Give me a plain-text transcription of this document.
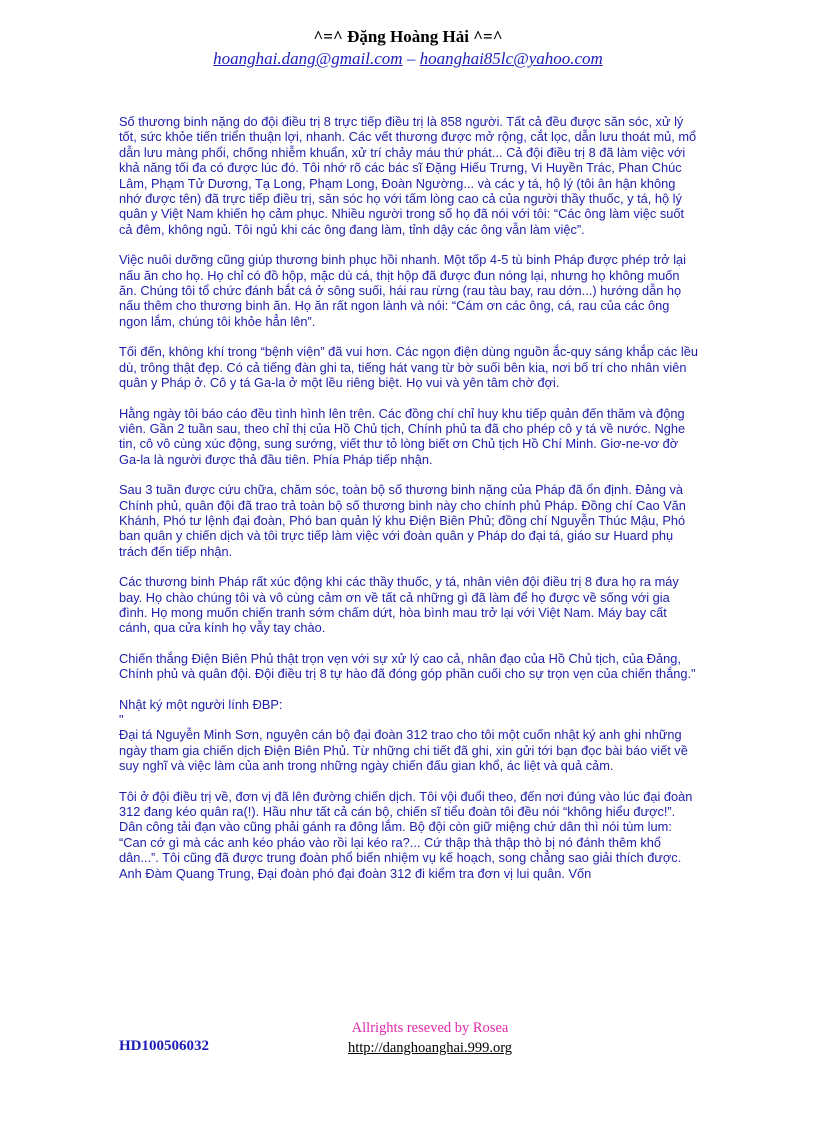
^=^ Đặng Hoàng Hải ^=^
hoanghai.dang@gmail.com – hoanghai85lc@yahoo.com

Số thương binh nặng do đội điều trị 8 trực tiếp điều trị là 858 người. Tất cả đều được săn sóc, xử lý tốt, sức khỏe tiến triển thuận lợi, nhanh. Các vết thương được mở rộng, cắt lọc, dẫn lưu thoát mủ, mổ dẫn lưu màng phổi, chống nhiễm khuẩn, xử trí chảy máu thứ phát... Cả đội điều trị 8 đã làm việc với khả năng tối đa có được lúc đó. Tôi nhớ rõ các bác sĩ Đặng Hiếu Trưng, Vi Huyền Trác, Phan Chúc Lâm, Phạm Tử Dương, Tạ Long, Phạm Long, Đoàn Ngường... và các y tá, hộ lý (tôi ân hận không nhớ được tên) đã trực tiếp điều trị, săn sóc họ với tấm lòng cao cả của người thầy thuốc, y tá, hộ lý quân y Việt Nam khiến họ cảm phục. Nhiều người trong số họ đã nói với tôi: “Các ông làm việc suốt cả đêm, không ngủ. Tôi ngủ khi các ông đang làm, tỉnh dậy các ông vẫn làm việc”.

Việc nuôi dưỡng cũng giúp thương binh phục hồi nhanh. Một tốp 4-5 tù binh Pháp được phép trở lại nấu ăn cho họ. Họ chỉ có đồ hộp, mặc dù cá, thịt hộp đã được đun nóng lại, nhưng họ không muốn ăn. Chúng tôi tổ chức đánh bắt cá ở sông suối, hái rau rừng (rau tàu bay, rau dớn...) hướng dẫn họ nấu thêm cho thương binh ăn. Họ ăn rất ngon lành và nói: “Cám ơn các ông, cá, rau của các ông ngon lắm, chúng tôi khỏe hẳn lên”.

Tối đến, không khí trong “bệnh viện” đã vui hơn. Các ngọn điện dùng nguồn ắc-quy sáng khắp các lều dù, trông thật đẹp. Có cả tiếng đàn ghi ta, tiếng hát vang từ bờ suối bên kia, nơi bố trí cho nhân viên quân y Pháp ở. Cô y tá Ga-la ở một lều riêng biệt. Họ vui và yên tâm chờ đợi.

Hằng ngày tôi báo cáo đều tình hình lên trên. Các đồng chí chỉ huy khu tiếp quản đến thăm và động viên. Gần 2 tuần sau, theo chỉ thị của Hồ Chủ tịch, Chính phủ ta đã cho phép cô y tá về nước. Nghe tin, cô vô cùng xúc động, sung sướng, viết thư tỏ lòng biết ơn Chủ tịch Hồ Chí Minh. Giơ-ne-vơ đờ Ga-la là người được thả đầu tiên. Phía Pháp tiếp nhận.

Sau 3 tuần được cứu chữa, chăm sóc, toàn bộ số thương binh nặng của Pháp đã ổn định. Đảng và Chính phủ, quân đội đã trao trả toàn bộ số thương binh này cho chính phủ Pháp. Đồng chí Cao Văn Khánh, Phó tư lệnh đại đoàn, Phó ban quản lý khu Điện Biên Phủ; đồng chí Nguyễn Thúc Mậu, Phó ban quân y chiến dịch và tôi trực tiếp làm việc với đoàn quân y Pháp do đại tá, giáo sư Huard phụ trách đến tiếp nhận.

Các thương binh Pháp rất xúc động khi các thầy thuốc, y tá, nhân viên đội điều trị 8 đưa họ ra máy bay. Họ chào chúng tôi và vô cùng cảm ơn về tất cả những gì đã làm để họ được về sống với gia đình. Họ mong muốn chiến tranh sớm chấm dứt, hòa bình mau trở lại với Việt Nam. Máy bay cất cánh, qua cửa kính họ vẫy tay chào.

Chiến thắng Điện Biên Phủ thật trọn vẹn với sự xử lý cao cả, nhân đạo của Hồ Chủ tịch, của Đảng, Chính phủ và quân đội. Đội điều trị 8 tự hào đã đóng góp phần cuối cho sự trọn vẹn của chiến thắng."

Nhật ký một người lính ĐBP:

"

Đại tá Nguyễn Minh Sơn, nguyên cán bộ đại đoàn 312 trao cho tôi một cuốn nhật ký anh ghi những ngày tham gia chiến dịch Điện Biên Phủ. Từ những chi tiết đã ghi, xin gửi tới bạn đọc bài báo viết về suy nghĩ và việc làm của anh trong những ngày chiến đấu gian khổ, ác liệt và quả cảm.

Tôi ở đội điều trị về, đơn vị đã lên đường chiến dịch. Tôi vội đuổi theo, đến nơi đúng vào lúc đại đoàn 312 đang kéo quân ra(!). Hầu như tất cả cán bộ, chiến sĩ tiểu đoàn tôi đều nói “không hiểu được!”. Dân công tải đạn vào cũng phải gánh ra đông lắm. Bộ đội còn giữ miệng chứ dân thì nói tùm lum: “Can cớ gì mà các anh kéo pháo vào rồi lại kéo ra?... Cứ thập thà thập thò bị nó đánh thêm khổ dân...”. Tôi cũng đã được trung đoàn phổ biến nhiệm vụ kế hoạch, song chẳng sao giải thích được. Anh Đàm Quang Trung, Đại đoàn phó đại đoàn 312 đi kiểm tra đơn vị lui quân. Vốn

Allrights reseved by Rosea
http://danghoanghai.999.org
HD100506032
